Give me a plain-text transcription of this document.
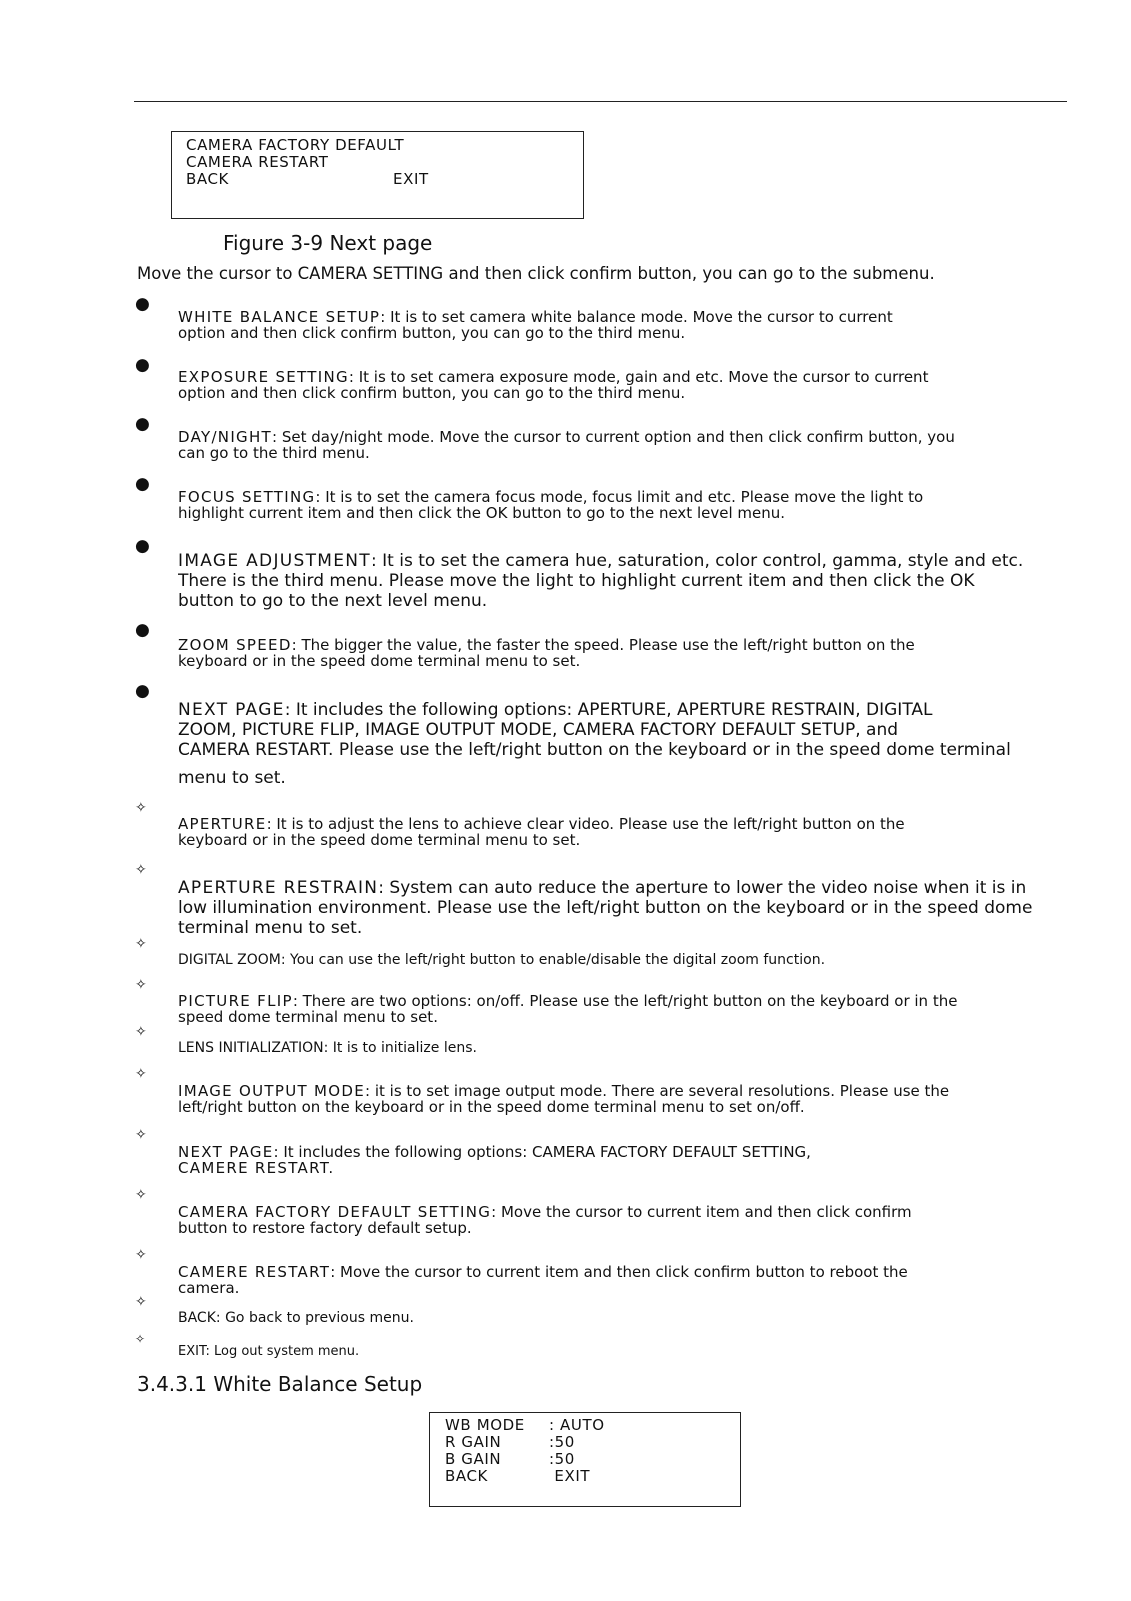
CAMERA FACTORY DEFAULT
CAMERA RESTART
BACK	EXIT
Figure 3-9 Next page
Move the cursor to CAMERA SETTING and then click confirm button, you can go to the submenu.
●
WHITE BALANCE SETUP: It is to set camera white balance mode. Move the cursor to current
option and then click confirm button, you can go to the third menu.
●
EXPOSURE SETTING: It is to set camera exposure mode, gain and etc. Move the cursor to current
option and then click confirm button, you can go to the third menu.
●
DAY/NIGHT: Set day/night mode. Move the cursor to current option and then click confirm button, you
can go to the third menu.
●
FOCUS SETTING: It is to set the camera focus mode, focus limit and etc. Please move the light to
highlight current item and then click the OK button to go to the next level menu.
●
IMAGE ADJUSTMENT: It is to set the camera hue, saturation, color control, gamma, style and etc.
There is the third menu. Please move the light to highlight current item and then click the OK
button to go to the next level menu.
●
ZOOM SPEED: The bigger the value, the faster the speed. Please use the left/right button on the
keyboard or in the speed dome terminal menu to set.
●
NEXT PAGE: It includes the following options: APERTURE, APERTURE RESTRAIN, DIGITAL
ZOOM, PICTURE FLIP, IMAGE OUTPUT MODE, CAMERA FACTORY DEFAULT SETUP, and
CAMERA RESTART. Please use the left/right button on the keyboard or in the speed dome terminal
menu to set.
✧
APERTURE: It is to adjust the lens to achieve clear video. Please use the left/right button on the
keyboard or in the speed dome terminal menu to set.
✧
APERTURE RESTRAIN: System can auto reduce the aperture to lower the video noise when it is in
low illumination environment. Please use the left/right button on the keyboard or in the speed dome
terminal menu to set.
✧
DIGITAL ZOOM: You can use the left/right button to enable/disable the digital zoom function.
✧
PICTURE FLIP: There are two options: on/off. Please use the left/right button on the keyboard or in the
speed dome terminal menu to set.
✧
LENS INITIALIZATION: It is to initialize lens.
✧
IMAGE OUTPUT MODE: it is to set image output mode. There are several resolutions. Please use the
left/right button on the keyboard or in the speed dome terminal menu to set on/off.
✧
NEXT PAGE: It includes the following options: CAMERA FACTORY DEFAULT SETTING,
CAMERE RESTART.
✧
CAMERA FACTORY DEFAULT SETTING: Move the cursor to current item and then click confirm
button to restore factory default setup.
✧
CAMERE RESTART: Move the cursor to current item and then click confirm button to reboot the
camera.
✧
BACK: Go back to previous menu.
✧
EXIT: Log out system menu.
3.4.3.1 White Balance Setup
WB MODE	: AUTO
R GAIN	:50
B GAIN	:50
BACK	EXIT
